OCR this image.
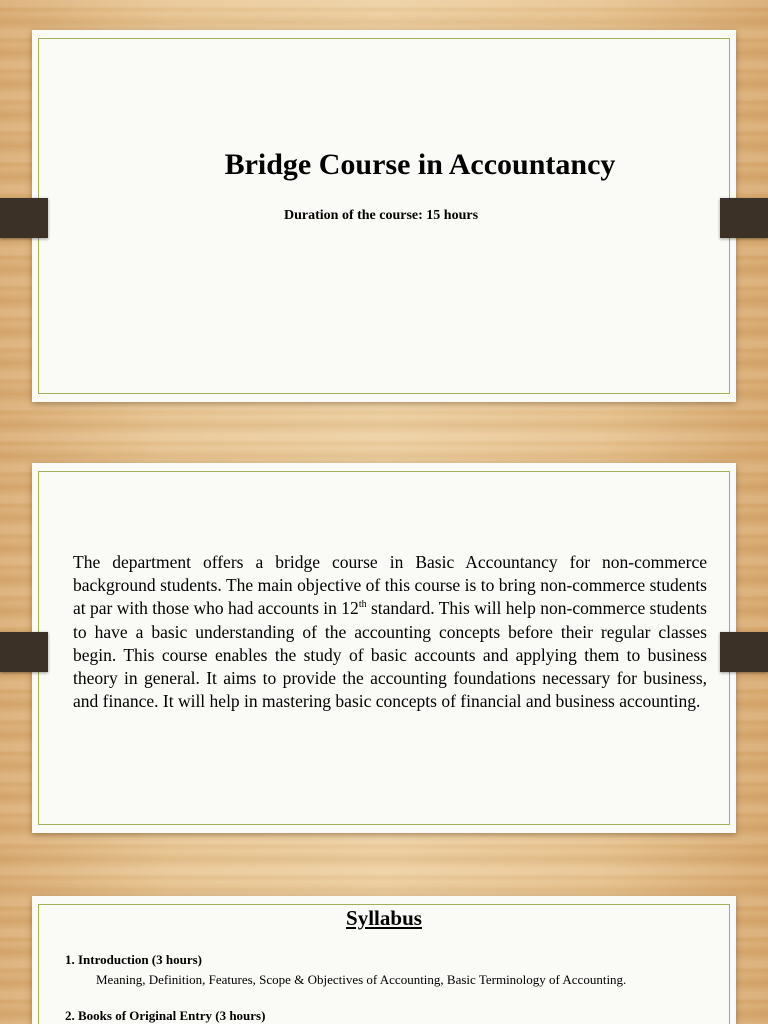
Bridge Course in Accountancy
Duration of the course: 15 hours
The department offers a bridge course in Basic Accountancy for non-commerce background students. The main objective of this course is to bring non-commerce students at par with those who had accounts in 12th standard. This will help non-commerce students to have a basic understanding of the accounting concepts before their regular classes begin. This course enables the study of basic accounts and applying them to business theory in general. It aims to provide the accounting foundations necessary for business, and finance. It will help in mastering basic concepts of financial and business accounting.
Syllabus
1. Introduction (3 hours)
Meaning, Definition, Features, Scope & Objectives of Accounting, Basic Terminology of Accounting.
2. Books of Original Entry (3 hours)
